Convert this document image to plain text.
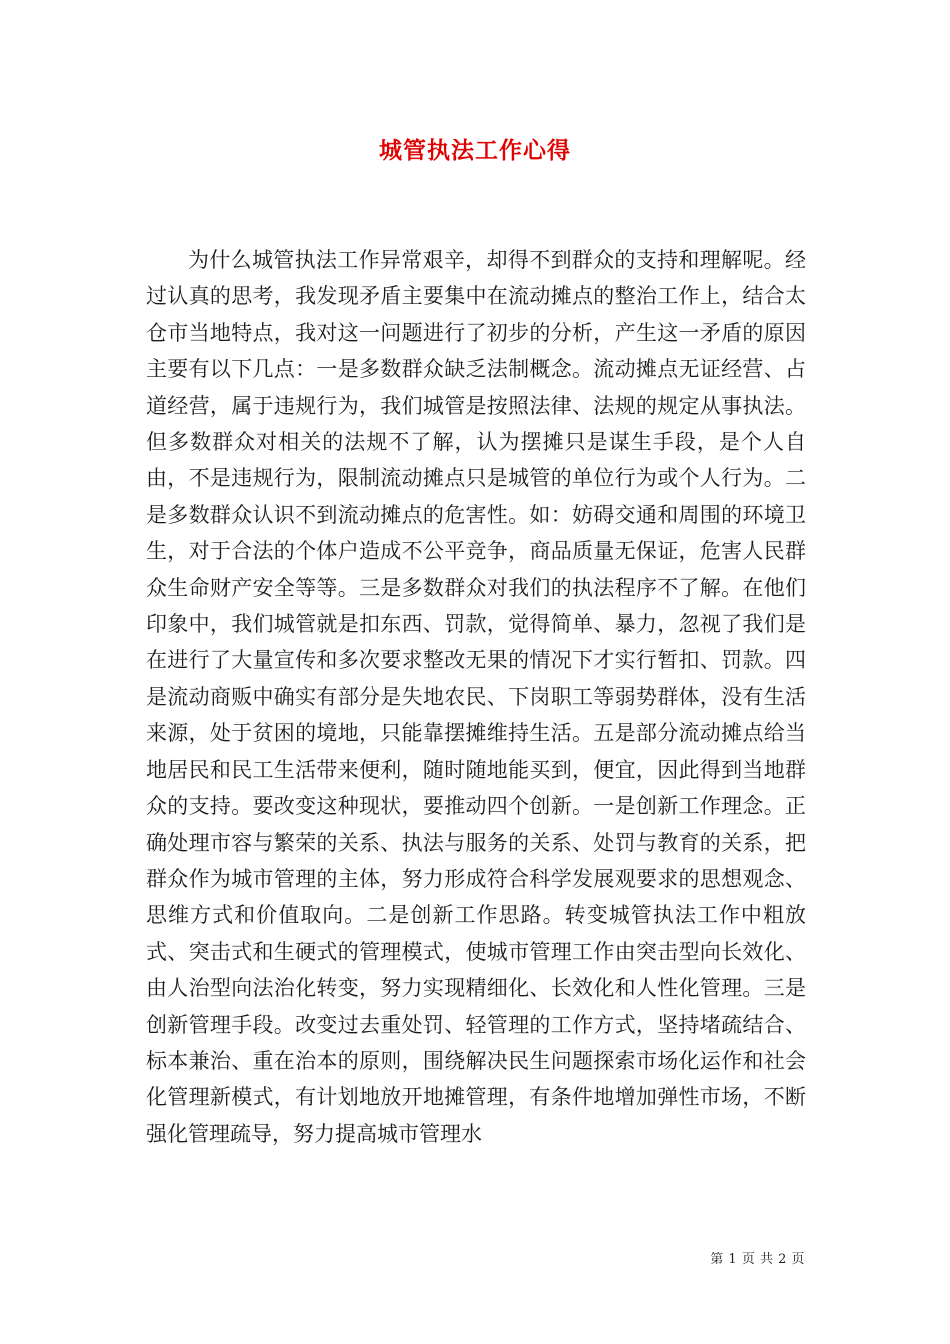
城管执法工作心得

为什么城管执法工作异常艰辛，却得不到群众的支持和理解呢。经过认真的思考，我发现矛盾主要集中在流动摊点的整治工作上，结合太仓市当地特点，我对这一问题进行了初步的分析，产生这一矛盾的原因主要有以下几点：一是多数群众缺乏法制概念。流动摊点无证经营、占道经营，属于违规行为，我们城管是按照法律、法规的规定从事执法。但多数群众对相关的法规不了解，认为摆摊只是谋生手段，是个人自由，不是违规行为，限制流动摊点只是城管的单位行为或个人行为。二是多数群众认识不到流动摊点的危害性。如：妨碍交通和周围的环境卫生，对于合法的个体户造成不公平竞争，商品质量无保证，危害人民群众生命财产安全等等。三是多数群众对我们的执法程序不了解。在他们印象中，我们城管就是扣东西、罚款，觉得简单、暴力，忽视了我们是在进行了大量宣传和多次要求整改无果的情况下才实行暂扣、罚款。四是流动商贩中确实有部分是失地农民、下岗职工等弱势群体，没有生活来源，处于贫困的境地，只能靠摆摊维持生活。五是部分流动摊点给当地居民和民工生活带来便利，随时随地能买到，便宜，因此得到当地群众的支持。要改变这种现状，要推动四个创新。一是创新工作理念。正确处理市容与繁荣的关系、执法与服务的关系、处罚与教育的关系，把群众作为城市管理的主体，努力形成符合科学发展观要求的思想观念、思维方式和价值取向。二是创新工作思路。转变城管执法工作中粗放式、突击式和生硬式的管理模式，使城市管理工作由突击型向长效化、由人治型向法治化转变，努力实现精细化、长效化和人性化管理。三是创新管理手段。改变过去重处罚、轻管理的工作方式，坚持堵疏结合、标本兼治、重在治本的原则，围绕解决民生问题探索市场化运作和社会化管理新模式，有计划地放开地摊管理，有条件地增加弹性市场，不断强化管理疏导，努力提高城市管理水

第 1 页 共 2 页
